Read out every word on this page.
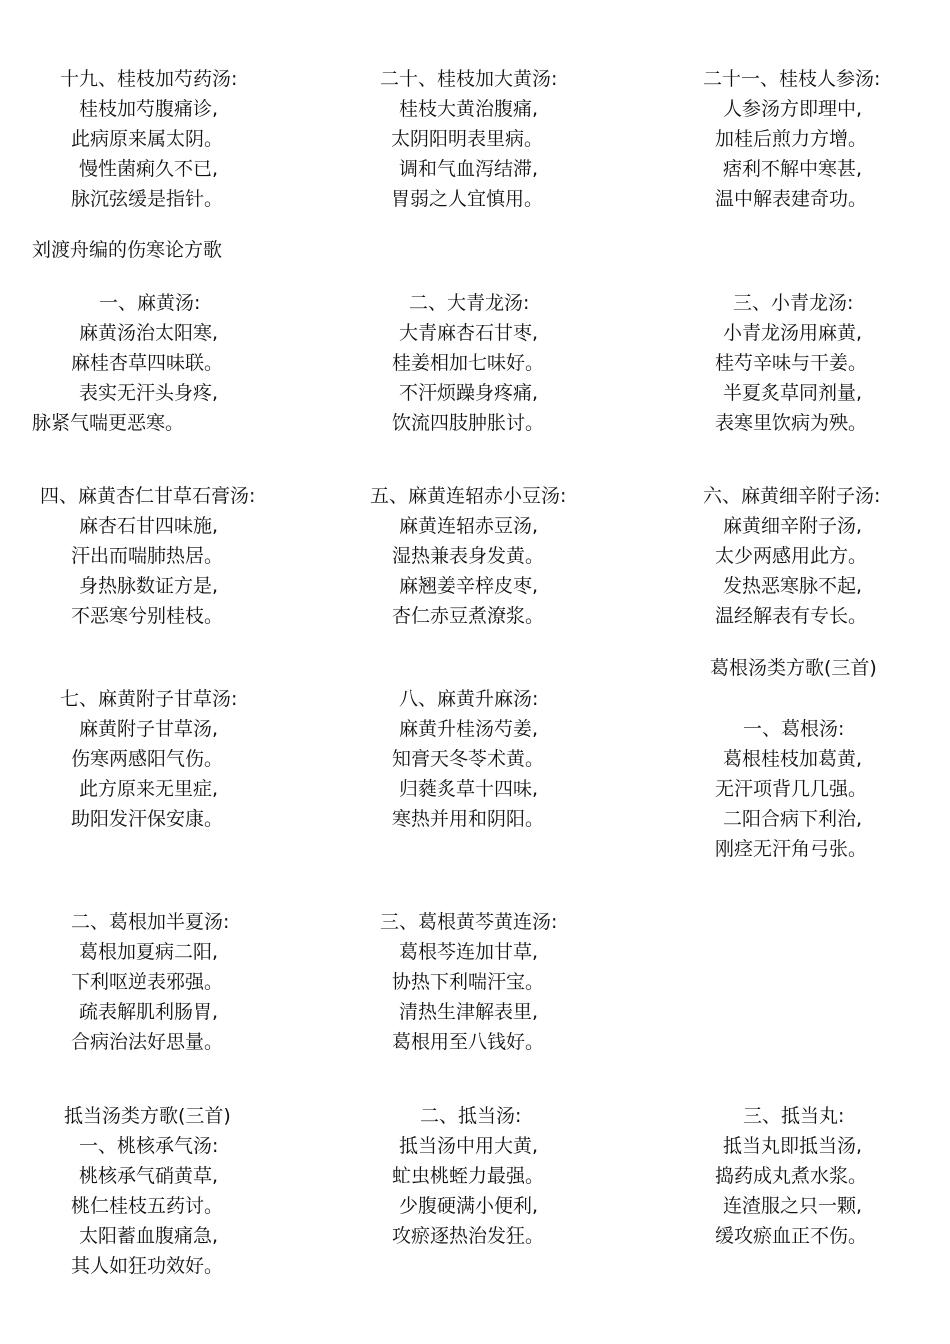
十九、桂枝加芍药汤:
桂枝加芍腹痛诊,
此病原来属太阴。
慢性菌痢久不已,
脉沉弦缓是指针。
二十、桂枝加大黄汤:
桂枝大黄治腹痛,
太阴阳明表里病。
调和气血泻结滞,
胃弱之人宜慎用。
二十一、桂枝人参汤:
人参汤方即理中,
加桂后煎力方增。
痞利不解中寒甚,
温中解表建奇功。
刘渡舟编的伤寒论方歌
一、麻黄汤:
麻黄汤治太阳寒,
麻桂杏草四味联。
表实无汗头身疼,
脉紧气喘更恶寒。
二、大青龙汤:
大青麻杏石甘枣,
桂姜相加七味好。
不汗烦躁身疼痛,
饮流四肢肿胀讨。
三、小青龙汤:
小青龙汤用麻黄,
桂芍辛味与干姜。
半夏炙草同剂量,
表寒里饮病为殃。
四、麻黄杏仁甘草石膏汤:
麻杏石甘四味施,
汗出而喘肺热居。
身热脉数证方是,
不恶寒兮别桂枝。
五、麻黄连轺赤小豆汤:
麻黄连轺赤豆汤,
湿热兼表身发黄。
麻翘姜辛梓皮枣,
杏仁赤豆煮潦浆。
六、麻黄细辛附子汤:
麻黄细辛附子汤,
太少两感用此方。
发热恶寒脉不起,
温经解表有专长。
葛根汤类方歌(三首)
七、麻黄附子甘草汤:
麻黄附子甘草汤,
伤寒两感阳气伤。
此方原来无里症,
助阳发汗保安康。
八、麻黄升麻汤:
麻黄升桂汤芍姜,
知膏天冬苓术黄。
归蕤炙草十四味,
寒热并用和阴阳。
一、葛根汤:
葛根桂枝加葛黄,
无汗项背几几强。
二阳合病下利治,
刚痉无汗角弓张。
二、葛根加半夏汤:
葛根加夏病二阳,
下利呕逆表邪强。
疏表解肌利肠胃,
合病治法好思量。
三、葛根黄芩黄连汤:
葛根芩连加甘草,
协热下利喘汗宝。
清热生津解表里,
葛根用至八钱好。
抵当汤类方歌(三首)
一、桃核承气汤:
桃核承气硝黄草,
桃仁桂枝五药讨。
太阳蓄血腹痛急,
其人如狂功效好。
二、抵当汤:
抵当汤中用大黄,
虻虫桃蛭力最强。
少腹硬满小便利,
攻瘀逐热治发狂。
三、抵当丸:
抵当丸即抵当汤,
捣药成丸煮水浆。
连渣服之只一颗,
缓攻瘀血正不伤。
